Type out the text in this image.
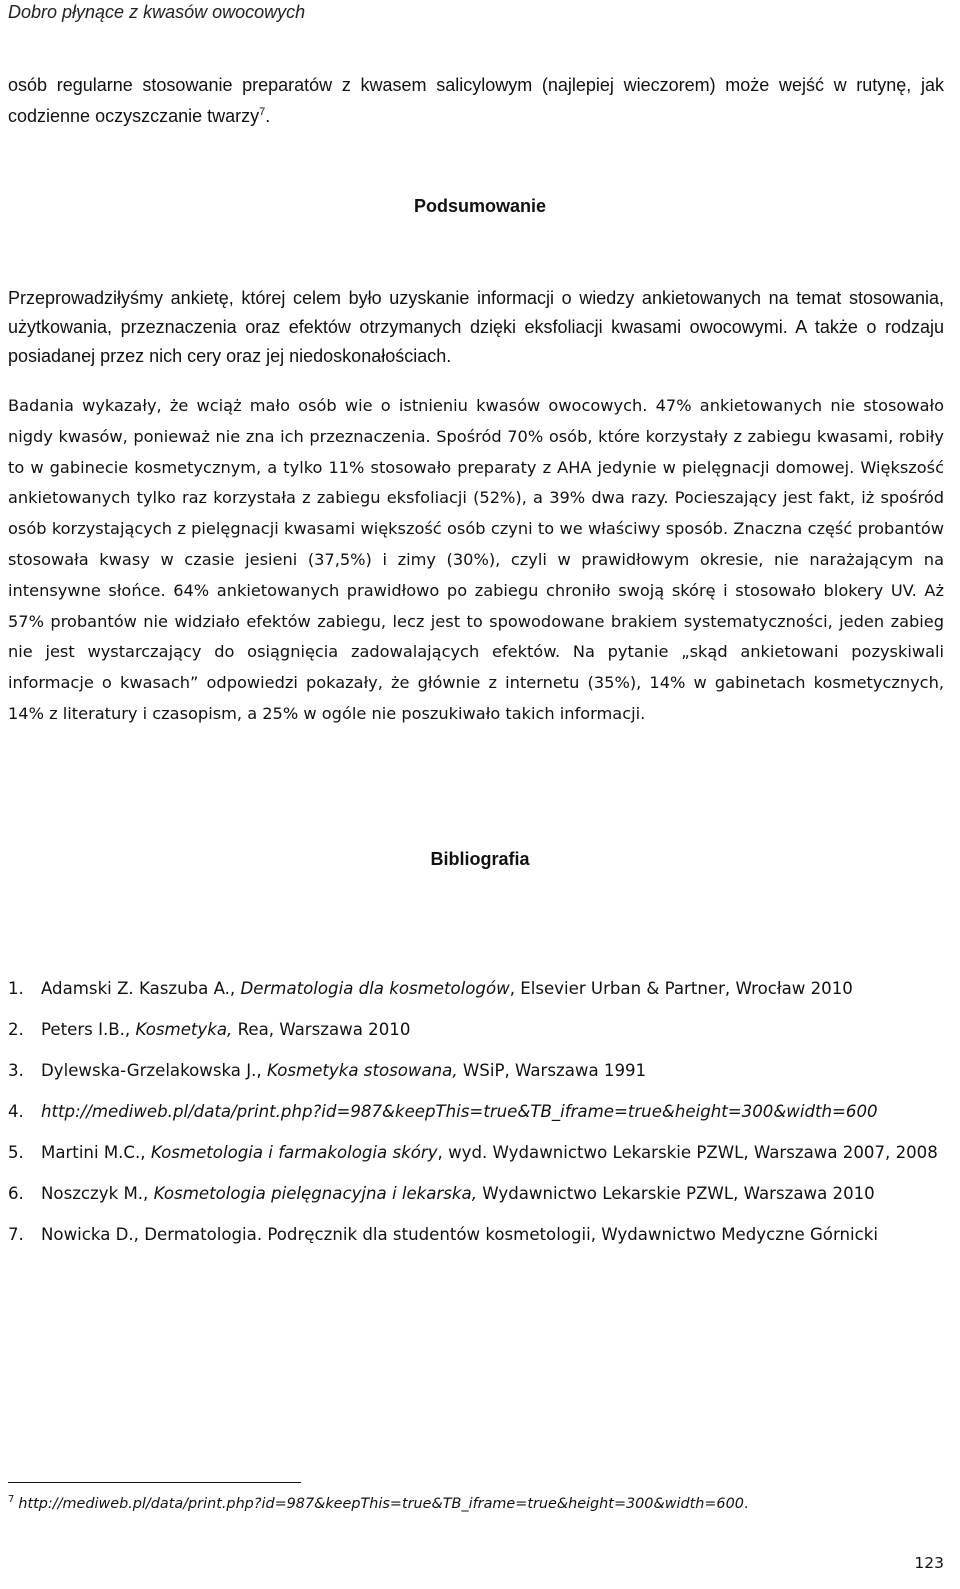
Dobro płynące z kwasów owocowych

osób regularne stosowanie preparatów z kwasem salicylowym (najlepiej wieczorem) może wejść w rutynę, jak codzienne oczyszczanie twarzy$^7$.

Podsumowanie

Przeprowadziłyśmy ankietę, której celem było uzyskanie informacji o wiedzy ankietowanych na temat stosowania, użytkowania, przeznaczenia oraz efektów otrzymanych dzięki eksfoliacji kwasami owocowymi. A także o rodzaju posiadanej przez nich cery oraz jej niedoskonałościach.

Badania wykazały, że wciąż mało osób wie o istnieniu kwasów owocowych. 47% ankietowanych nie stosowało nigdy kwasów, ponieważ nie zna ich przeznaczenia. Spośród 70% osób, które korzystały z zabiegu kwasami, robiły to w gabinecie kosmetycznym, a tylko 11% stosowało preparaty z AHA jedynie w pielęgnacji domowej. Większość ankietowanych tylko raz korzystała z zabiegu eksfoliacji (52%), a 39% dwa razy. Pocieszający jest fakt, iż spośród osób korzystających z pielęgnacji kwasami większość osób czyni to we właściwy sposób. Znaczna część probantów stosowała kwasy w czasie jesieni (37,5%) i zimy (30%), czyli w prawidłowym okresie, nie narażającym na intensywne słońce. 64% ankietowanych prawidłowo po zabiegu chroniło swoją skórę i stosowało blokery UV. Aż 57% probantów nie widziało efektów zabiegu, lecz jest to spowodowane brakiem systematyczności, jeden zabieg nie jest wystarczający do osiągnięcia zadowalających efektów. Na pytanie „skąd ankietowani pozyskiwali informacje o kwasach” odpowiedzi pokazały, że głównie z internetu (35%), 14% w gabinetach kosmetycznych, 14% z literatury i czasopism, a 25% w ogóle nie poszukiwało takich informacji.

Bibliografia
1. Adamski Z. Kaszuba A., Dermatologia dla kosmetologów, Elsevier Urban & Partner, Wrocław 2010
2. Peters I.B., Kosmetyka, Rea, Warszawa 2010
3. Dylewska-Grzelakowska J., Kosmetyka stosowana, WSiP, Warszawa 1991
4. http://mediweb.pl/data/print.php?id=987&keepThis=true&TB_iframe=true&height=300&width=600
5. Martini M.C., Kosmetologia i farmakologia skóry, wyd. Wydawnictwo Lekarskie PZWL, Warszawa 2007, 2008
6. Noszczyk M., Kosmetologia pielęgnacyjna i lekarska, Wydawnictwo Lekarskie PZWL, Warszawa 2010
7. Nowicka D., Dermatologia. Podręcznik dla studentów kosmetologii, Wydawnictwo Medyczne Górnicki
$^7$ http://mediweb.pl/data/print.php?id=987&keepThis=true&TB_iframe=true&height=300&width=600.
123
